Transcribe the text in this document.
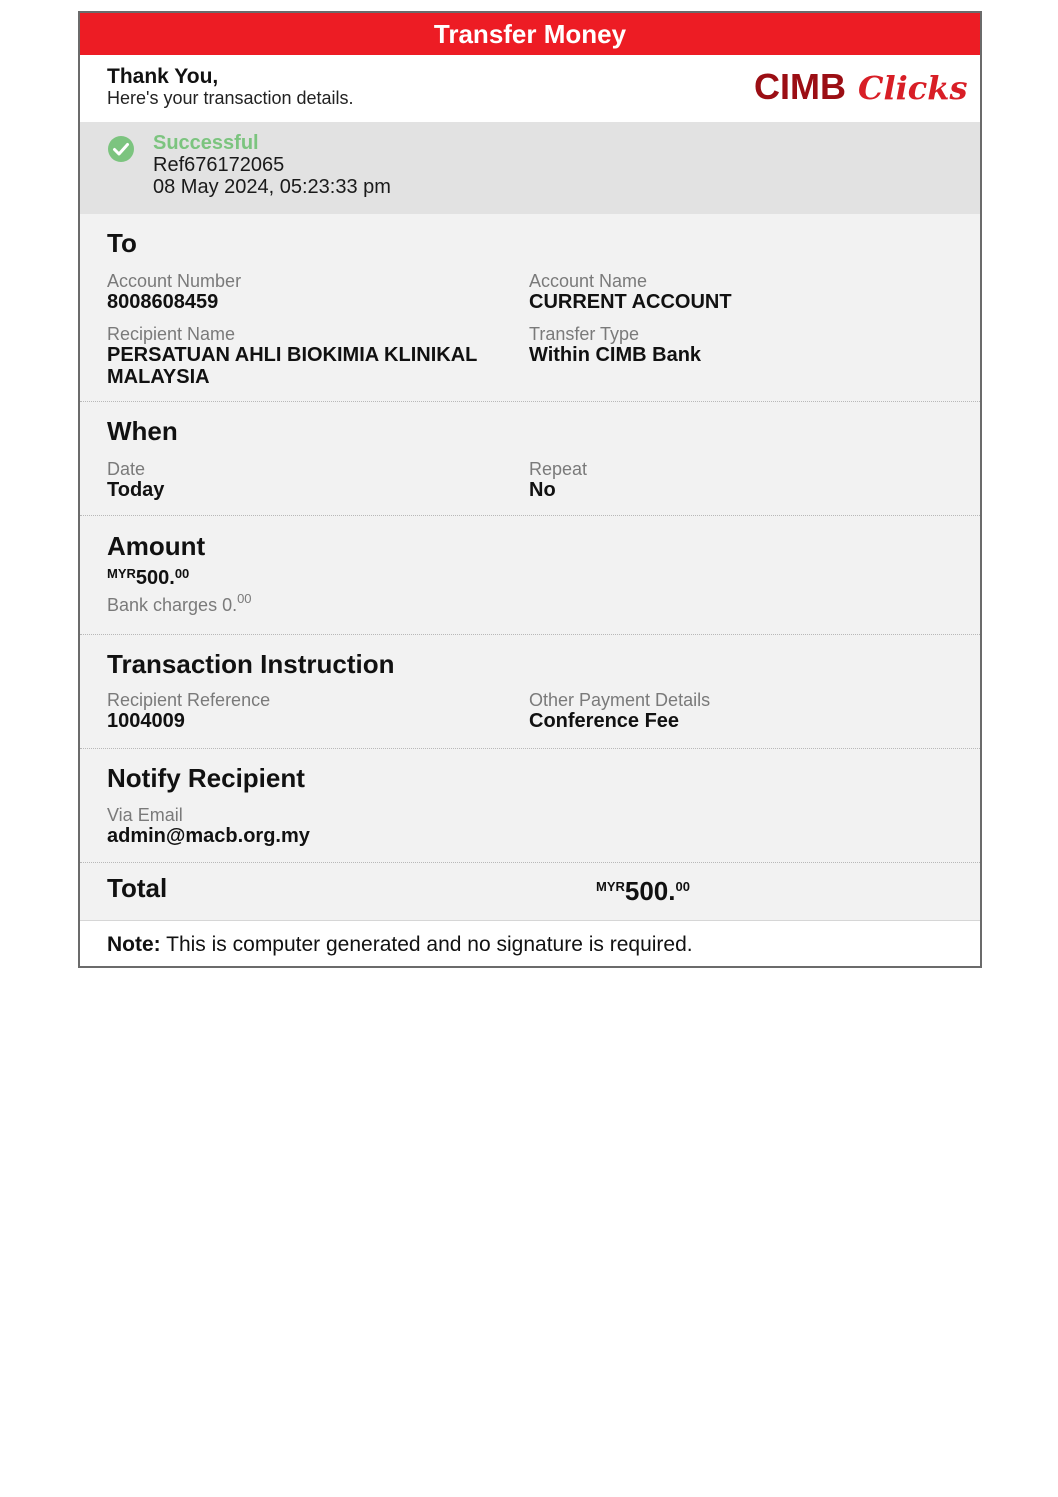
Transfer Money
Thank You,
Here's your transaction details.	CIMB Clicks
Successful
Ref676172065
08 May 2024, 05:23:33 pm
To
Account Number
8008608459
Account Name
CURRENT ACCOUNT
Recipient Name
PERSATUAN AHLI BIOKIMIA KLINIKAL
MALAYSIA
Transfer Type
Within CIMB Bank
When
Date
Today
Repeat
No
Amount
$^{MYR}$500.00
Bank charges 0.00
Transaction Instruction
Recipient Reference
1004009
Other Payment Details
Conference Fee
Notify Recipient
Via Email
admin@macb.org.my
Total	$^{MYR}$500.00
Note: This is computer generated and no signature is required.
